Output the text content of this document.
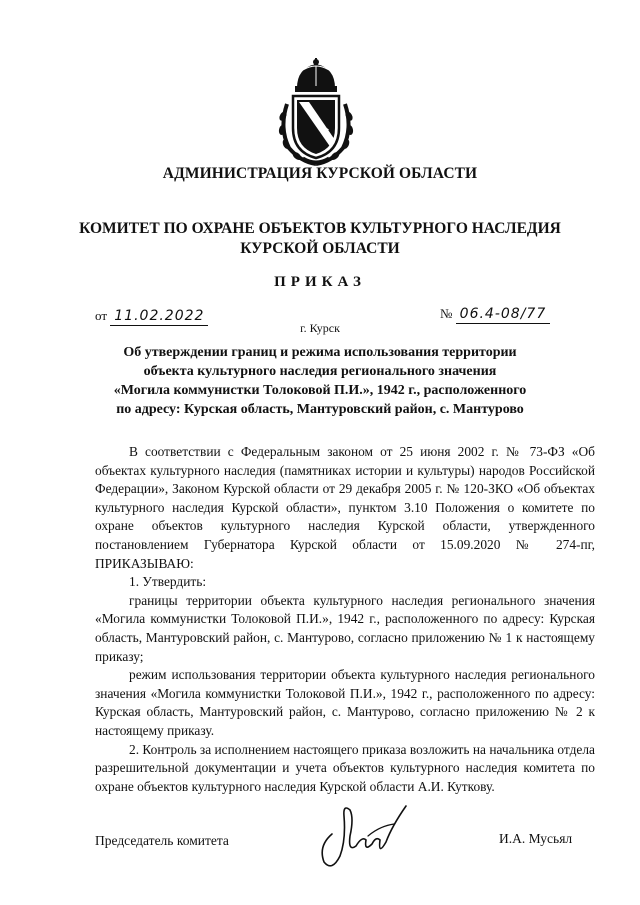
АДМИНИСТРАЦИЯ КУРСКОЙ ОБЛАСТИ
КОМИТЕТ ПО ОХРАНЕ ОБЪЕКТОВ КУЛЬТУРНОГО НАСЛЕДИЯ
КУРСКОЙ ОБЛАСТИ
ПРИКАЗ
от 11.02.2022	№ 06.4-08/77
г. Курск
Об утверждении границ и режима использования территории
объекта культурного наследия регионального значения
«Могила коммунистки Толоковой П.И.», 1942 г., расположенного
по адресу: Курская область, Мантуровский район, с. Мантурово

В соответствии с Федеральным законом от 25 июня 2002 г. № 73-ФЗ «Об объектах культурного наследия (памятниках истории и культуры) народов Российской Федерации», Законом Курской области от 29 декабря 2005 г. № 120-ЗКО «Об объектах культурного наследия Курской области», пунктом 3.10 Положения о комитете по охране объектов культурного наследия Курской области, утвержденного постановлением Губернатора Курской области от 15.09.2020 № 274-пг, ПРИКАЗЫВАЮ:

1. Утвердить:

границы территории объекта культурного наследия регионального значения «Могила коммунистки Толоковой П.И.», 1942 г., расположенного по адресу: Курская область, Мантуровский район, с. Мантурово, согласно приложению № 1 к настоящему приказу;

режим использования территории объекта культурного наследия регионального значения «Могила коммунистки Толоковой П.И.», 1942 г., расположенного по адресу: Курская область, Мантуровский район, с. Мантурово, согласно приложению № 2 к настоящему приказу.

2. Контроль за исполнением настоящего приказа возложить на начальника отдела разрешительной документации и учета объектов культурного наследия комитета по охране объектов культурного наследия Курской области А.И. Куткову.

Председатель комитета	И.А. Мусьял
